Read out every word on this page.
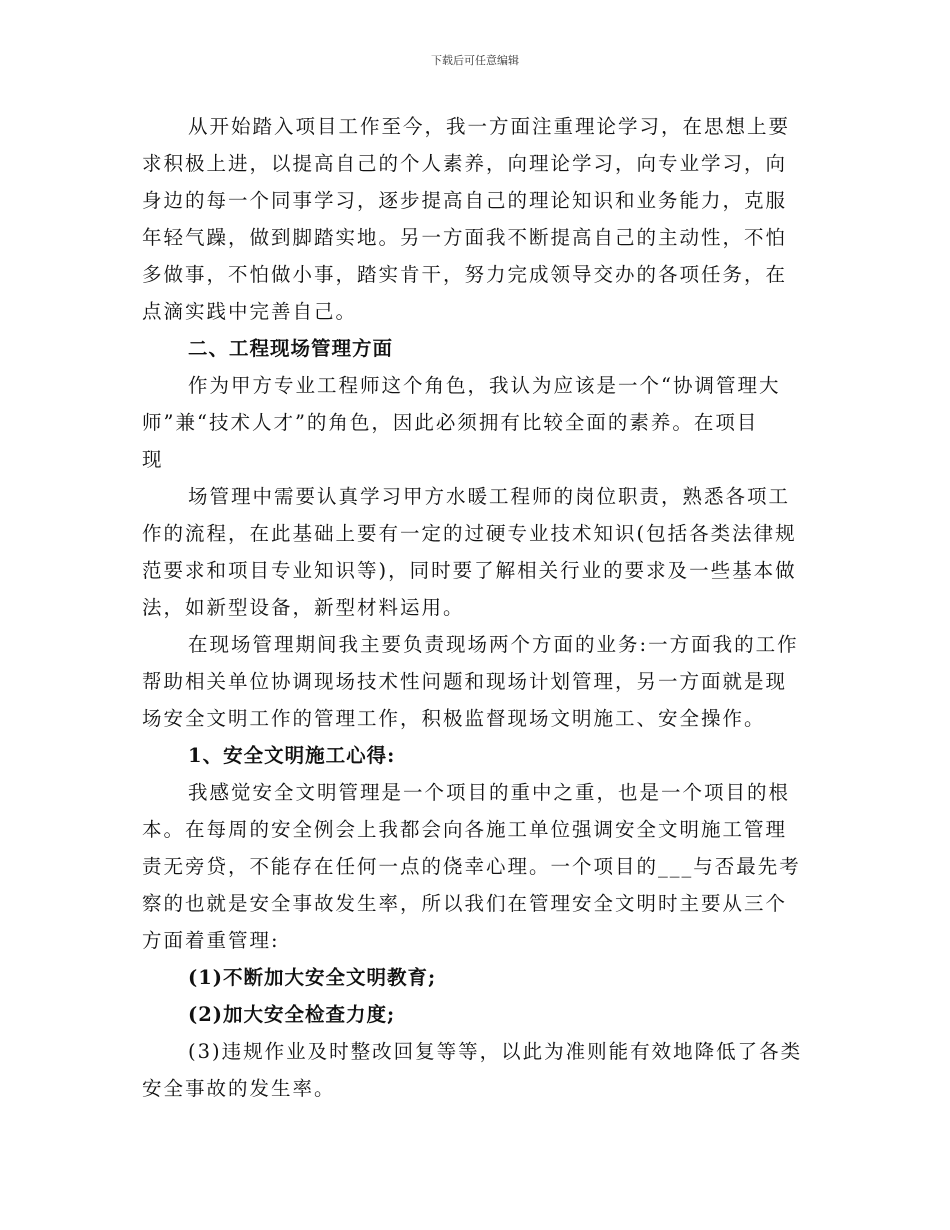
下载后可任意编辑
从开始踏入项目工作至今，我一方面注重理论学习，在思想上要
求积极上进，以提高自己的个人素养，向理论学习，向专业学习，向
身边的每一个同事学习，逐步提高自己的理论知识和业务能力，克服
年轻气躁，做到脚踏实地。另一方面我不断提高自己的主动性，不怕
多做事，不怕做小事，踏实肯干，努力完成领导交办的各项任务，在
点滴实践中完善自己。
二、工程现场管理方面
作为甲方专业工程师这个角色，我认为应该是一个“协调管理大
师”兼“技术人才”的角色，因此必须拥有比较全面的素养。在项目
现
场管理中需要认真学习甲方水暖工程师的岗位职责，熟悉各项工
作的流程，在此基础上要有一定的过硬专业技术知识(包括各类法律规
范要求和项目专业知识等)，同时要了解相关行业的要求及一些基本做
法，如新型设备，新型材料运用。
在现场管理期间我主要负责现场两个方面的业务:一方面我的工作
帮助相关单位协调现场技术性问题和现场计划管理，另一方面就是现
场安全文明工作的管理工作，积极监督现场文明施工、安全操作。
1、安全文明施工心得:
我感觉安全文明管理是一个项目的重中之重，也是一个项目的根
本。在每周的安全例会上我都会向各施工单位强调安全文明施工管理
责无旁贷，不能存在任何一点的侥幸心理。一个项目的___与否最先考
察的也就是安全事故发生率，所以我们在管理安全文明时主要从三个
方面着重管理:
(1)不断加大安全文明教育;
(2)加大安全检查力度;
(3)违规作业及时整改回复等等，以此为准则能有效地降低了各类
安全事故的发生率。
